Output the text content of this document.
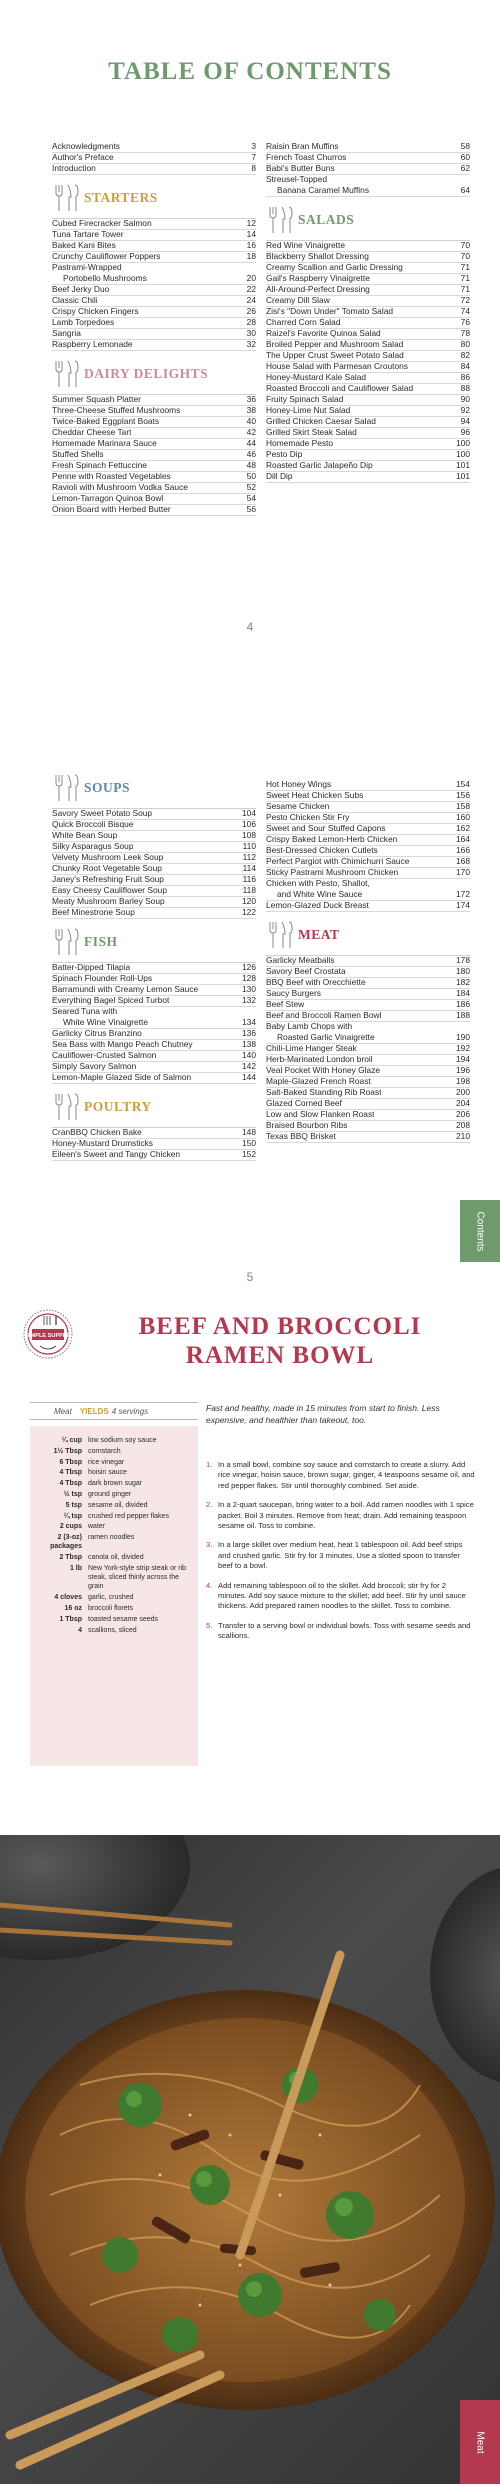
TABLE OF CONTENTS
Acknowledgments	3
Author's Preface	7
Introduction	8
STARTERS
Cubed Firecracker Salmon	12
Tuna Tartare Tower	14
Baked Kani Bites	16
Crunchy Cauliflower Poppers	18
Pastrami-Wrapped
Portobello Mushrooms	20
Beef Jerky Duo	22
Classic Chili	24
Crispy Chicken Fingers	26
Lamb Torpedoes	28
Sangria	30
Raspberry Lemonade	32
DAIRY DELIGHTS
Summer Squash Platter	36
Three-Cheese Stuffed Mushrooms	38
Twice-Baked Eggplant Boats	40
Cheddar Cheese Tart	42
Homemade Marinara Sauce	44
Stuffed Shells	46
Fresh Spinach Fettuccine	48
Penne with Roasted Vegetables	50
Ravioli with Mushroom Vodka Sauce	52
Lemon-Tarragon Quinoa Bowl	54
Onion Board with Herbed Butter	56
Raisin Bran Muffins	58
French Toast Churros	60
Babi's Butter Buns	62
Streusel-Topped
Banana Caramel Muffins	64
SALADS
Red Wine Vinaigrette	70
Blackberry Shallot Dressing	70
Creamy Scallion and Garlic Dressing	71
Gail's Raspberry Vinaigrette	71
All-Around-Perfect Dressing	71
Creamy Dill Slaw	72
Zisi's "Down Under" Tomato Salad	74
Charred Corn Salad	76
Raizel's Favorite Quinoa Salad	78
Broiled Pepper and Mushroom Salad	80
The Upper Crust Sweet Potato Salad	82
House Salad with Parmesan Croutons	84
Honey-Mustard Kale Salad	86
Roasted Broccoli and Cauliflower Salad	88
Fruity Spinach Salad	90
Honey-Lime Nut Salad	92
Grilled Chicken Caesar Salad	94
Grilled Skirt Steak Salad	96
Homemade Pesto	100
Pesto Dip	100
Roasted Garlic Jalapeño Dip	101
Dill Dip	101
4
SOUPS
Savory Sweet Potato Soup	104
Quick Broccoli Bisque	106
White Bean Soup	108
Silky Asparagus Soup	110
Velvety Mushroom Leek Soup	112
Chunky Root Vegetable Soup	114
Janey's Refreshing Fruit Soup	116
Easy Cheesy Cauliflower Soup	118
Meaty Mushroom Barley Soup	120
Beef Minestrone Soup	122
FISH
Batter-Dipped Tilapia	126
Spinach Flounder Roll-Ups	128
Barramundi with Creamy Lemon Sauce	130
Everything Bagel Spiced Turbot	132
Seared Tuna with
White Wine Vinaigrette	134
Garlicky Citrus Branzino	136
Sea Bass with Mango Peach Chutney	138
Cauliflower-Crusted Salmon	140
Simply Savory Salmon	142
Lemon-Maple Glazed Side of Salmon	144
POULTRY
CranBBQ Chicken Bake	148
Honey-Mustard Drumsticks	150
Eileen's Sweet and Tangy Chicken	152
Hot Honey Wings	154
Sweet Heat Chicken Subs	156
Sesame Chicken	158
Pesto Chicken Stir Fry	160
Sweet and Sour Stuffed Capons	162
Crispy Baked Lemon-Herb Chicken	164
Best-Dressed Chicken Cutlets	166
Perfect Pargiot with Chimichurri Sauce	168
Sticky Pastrami Mushroom Chicken	170
Chicken with Pesto, Shallot,
and White Wine Sauce	172
Lemon-Glazed Duck Breast	174
MEAT
Garlicky Meatballs	178
Savory Beef Crostata	180
BBQ Beef with Orecchiette	182
Saucy Burgers	184
Beef Stew	186
Beef and Broccoli Ramen Bowl	188
Baby Lamb Chops with
Roasted Garlic Vinaigrette	190
Chili-Lime Hanger Steak	192
Herb-Marinated London broil	194
Veal Pocket With Honey Glaze	196
Maple-Glazed French Roast	198
Salt-Baked Standing Rib Roast	200
Glazed Corned Beef	204
Low and Slow Flanken Roast	206
Braised Bourbon Ribs	208
Texas BBQ Brisket	210
5
Contents
SIMPLE SUPPER	BEEF AND BROCCOLI
RAMEN BOWL
Meat YIELDS 4 servings	Fast and healthy, made in 15 minutes from start to finish. Less expensive, and healthier than takeout, too.

¼ cup low sodium soy sauce
1½ Tbsp cornstarch
6 Tbsp rice vinegar
4 Tbsp hoisin sauce
4 Tbsp dark brown sugar
½ tsp ground ginger
5 tsp sesame oil, divided
¼ tsp crushed red pepper flakes
2 cups water
2 (3-oz) packages
ramen noodles
2 Tbsp canola oil, divided
1 lb New York-style strip steak or rib steak, sliced thinly across the grain
4 cloves garlic, crushed
16 oz broccoli florets
1 Tbsp toasted sesame seeds
4 scallions, sliced
1. In a small bowl, combine soy sauce and cornstarch to create a slurry. Add rice vinegar, hoisin sauce, brown sugar, ginger, 4 teaspoons sesame oil, and red pepper flakes. Stir until thoroughly combined. Set aside.
2. In a 2-quart saucepan, bring water to a boil. Add ramen noodles with 1 spice packet. Boil 3 minutes. Remove from heat; drain. Add remaining teaspoon sesame oil. Toss to combine.
3. In a large skillet over medium heat, heat 1 tablespoon oil. Add beef strips and crushed garlic. Stir fry for 3 minutes. Use a slotted spoon to transfer beef to a bowl.
4. Add remaining tablespoon oil to the skillet. Add broccoli; stir fry for 2 minutes. Add soy sauce mixture to the skillet; add beef. Stir fry until sauce thickens. Add prepared ramen noodles to the skillet. Toss to combine.
5. Transfer to a serving bowl or individual bowls. Toss with sesame seeds and scallions.
Meat
